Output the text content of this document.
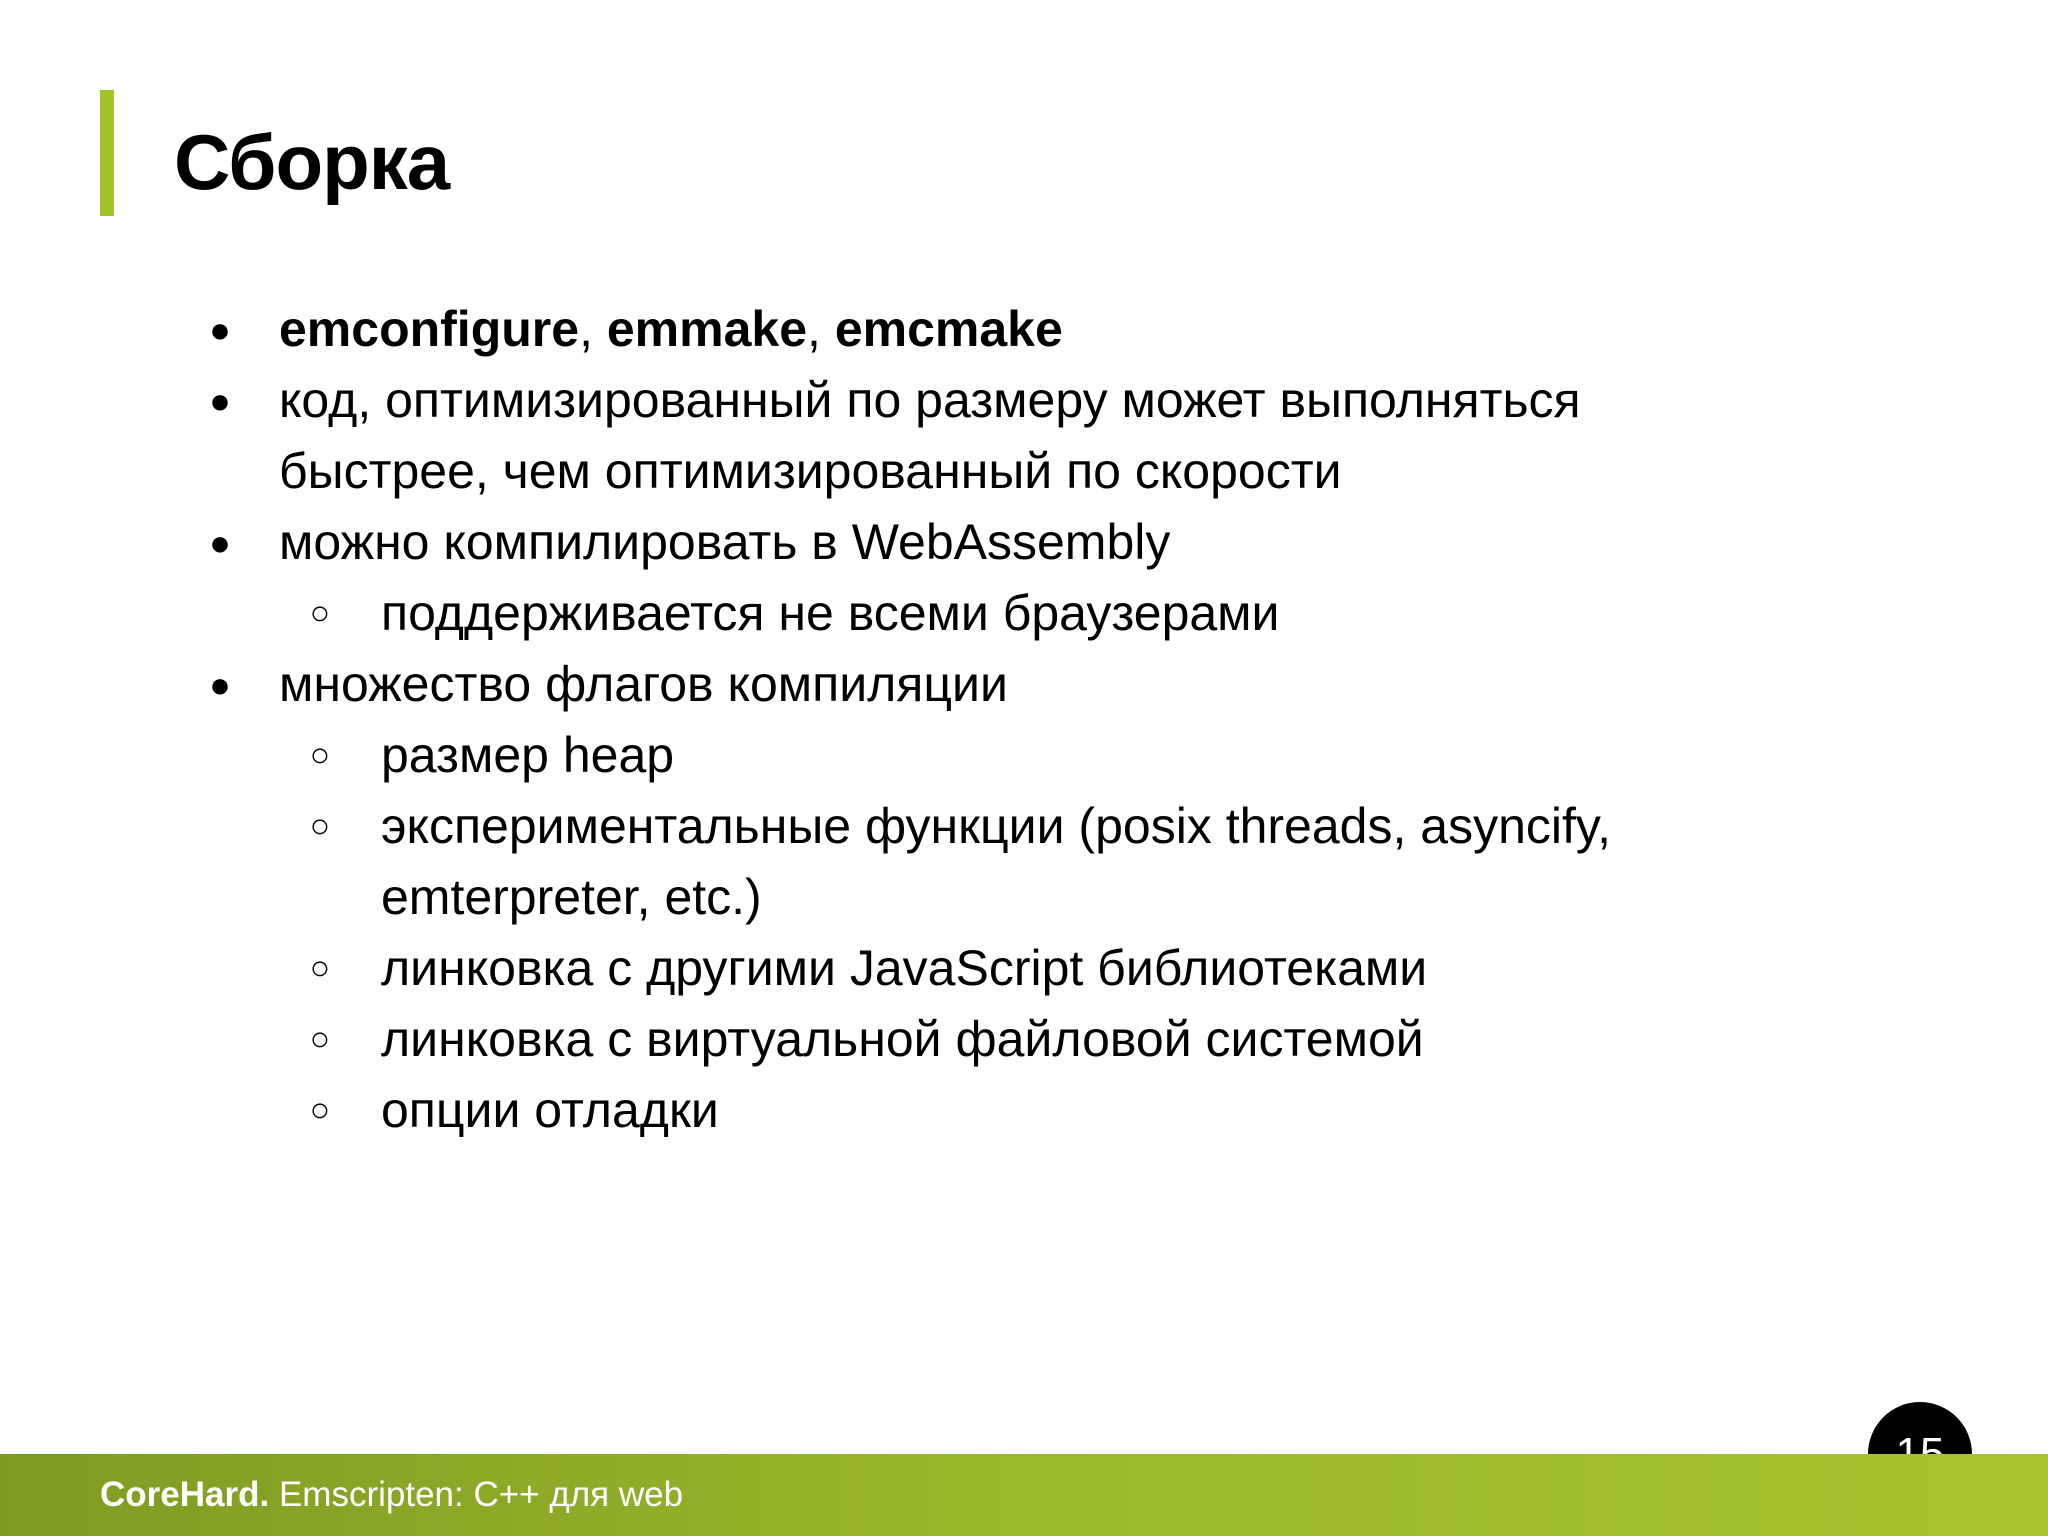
Сборка
● emconfigure, emmake, emcmake
● код, оптимизированный по размеру может выполняться быстрее, чем оптимизированный по скорости
● можно компилировать в WebAssembly
○ поддерживается не всеми браузерами
● множество флагов компиляции
○ размер heap
○ экспериментальные функции (posix threads, asyncify, emterpreter, etc.)
○ линковка с другими JavaScript библиотеками
○ линковка с виртуальной файловой системой
○ опции отладки
CoreHard. Emscripten: C++ для web
